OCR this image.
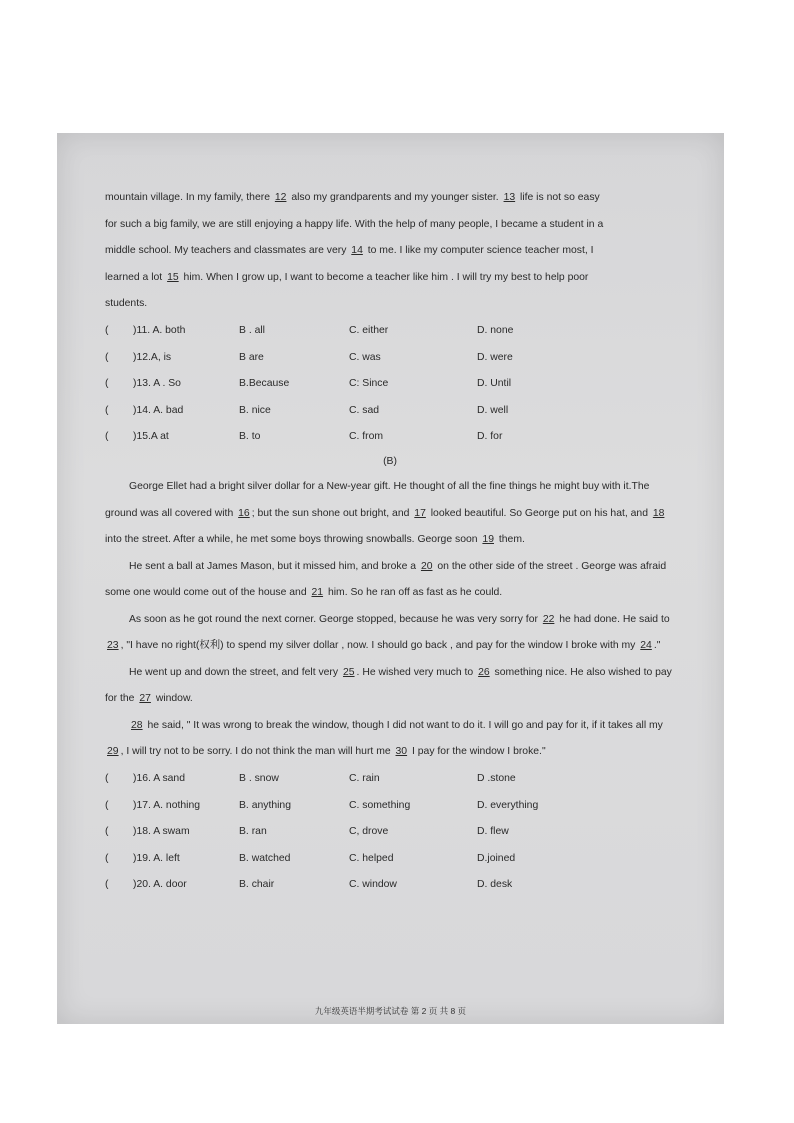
mountain village. In my family, there 12 also my grandparents and my younger sister. 13 life is not so easy

for such a big family, we are still enjoying a happy life. With the help of many people, I became a student in a

middle school. My teachers and classmates are very 14 to me. I like my computer science teacher most, I

learned a lot 15 him. When I grow up, I want to become a teacher like him . I will try my best to help poor

students.

(	)11. A. both	B . all	C. either	D. none
(	)12.A, is	B are	C. was	D. were
(	)13. A . So	B.Because	C: Since	D. Until
(	)14. A. bad	B. nice	C. sad	D. well
(	)15.A at	B. to	C. from	D. for
(B)

George Ellet had a bright silver dollar for a New-year gift. He thought of all the fine things he might buy with it.The ground was all covered with 16 ; but the sun shone out bright, and 17 looked beautiful. So George put on his hat, and 18 into the street. After a while, he met some boys throwing snowballs. George soon 19 them.

He sent a ball at James Mason, but it missed him, and broke a 20 on the other side of the street . George was afraid some one would come out of the house and 21 him. So he ran off as fast as he could.

As soon as he got round the next corner. George stopped, because he was very sorry for 22 he had done. He said to 23 , "I have no right(权利) to spend my silver dollar , now. I should go back , and pay for the window I broke with my 24 ."

He went up and down the street, and felt very 25 . He wished very much to 26 something nice. He also wished to pay for the 27 window.

28 he said, " It was wrong to break the window, though I did not want to do it. I will go and pay for it, if it takes all my 29 , I will try not to be sorry. I do not think the man will hurt me 30 I pay for the window I broke."

(	)16. A sand	B . snow	C. rain	D .stone
(	)17. A. nothing	B. anything	C. something	D. everything
(	)18. A swam	B. ran	C, drove	D. flew
(	)19. A. left	B. watched	C. helped	D.joined
(	)20. A. door	B. chair	C. window	D. desk
九年级英语半期考试试卷 第 2 页 共 8 页
